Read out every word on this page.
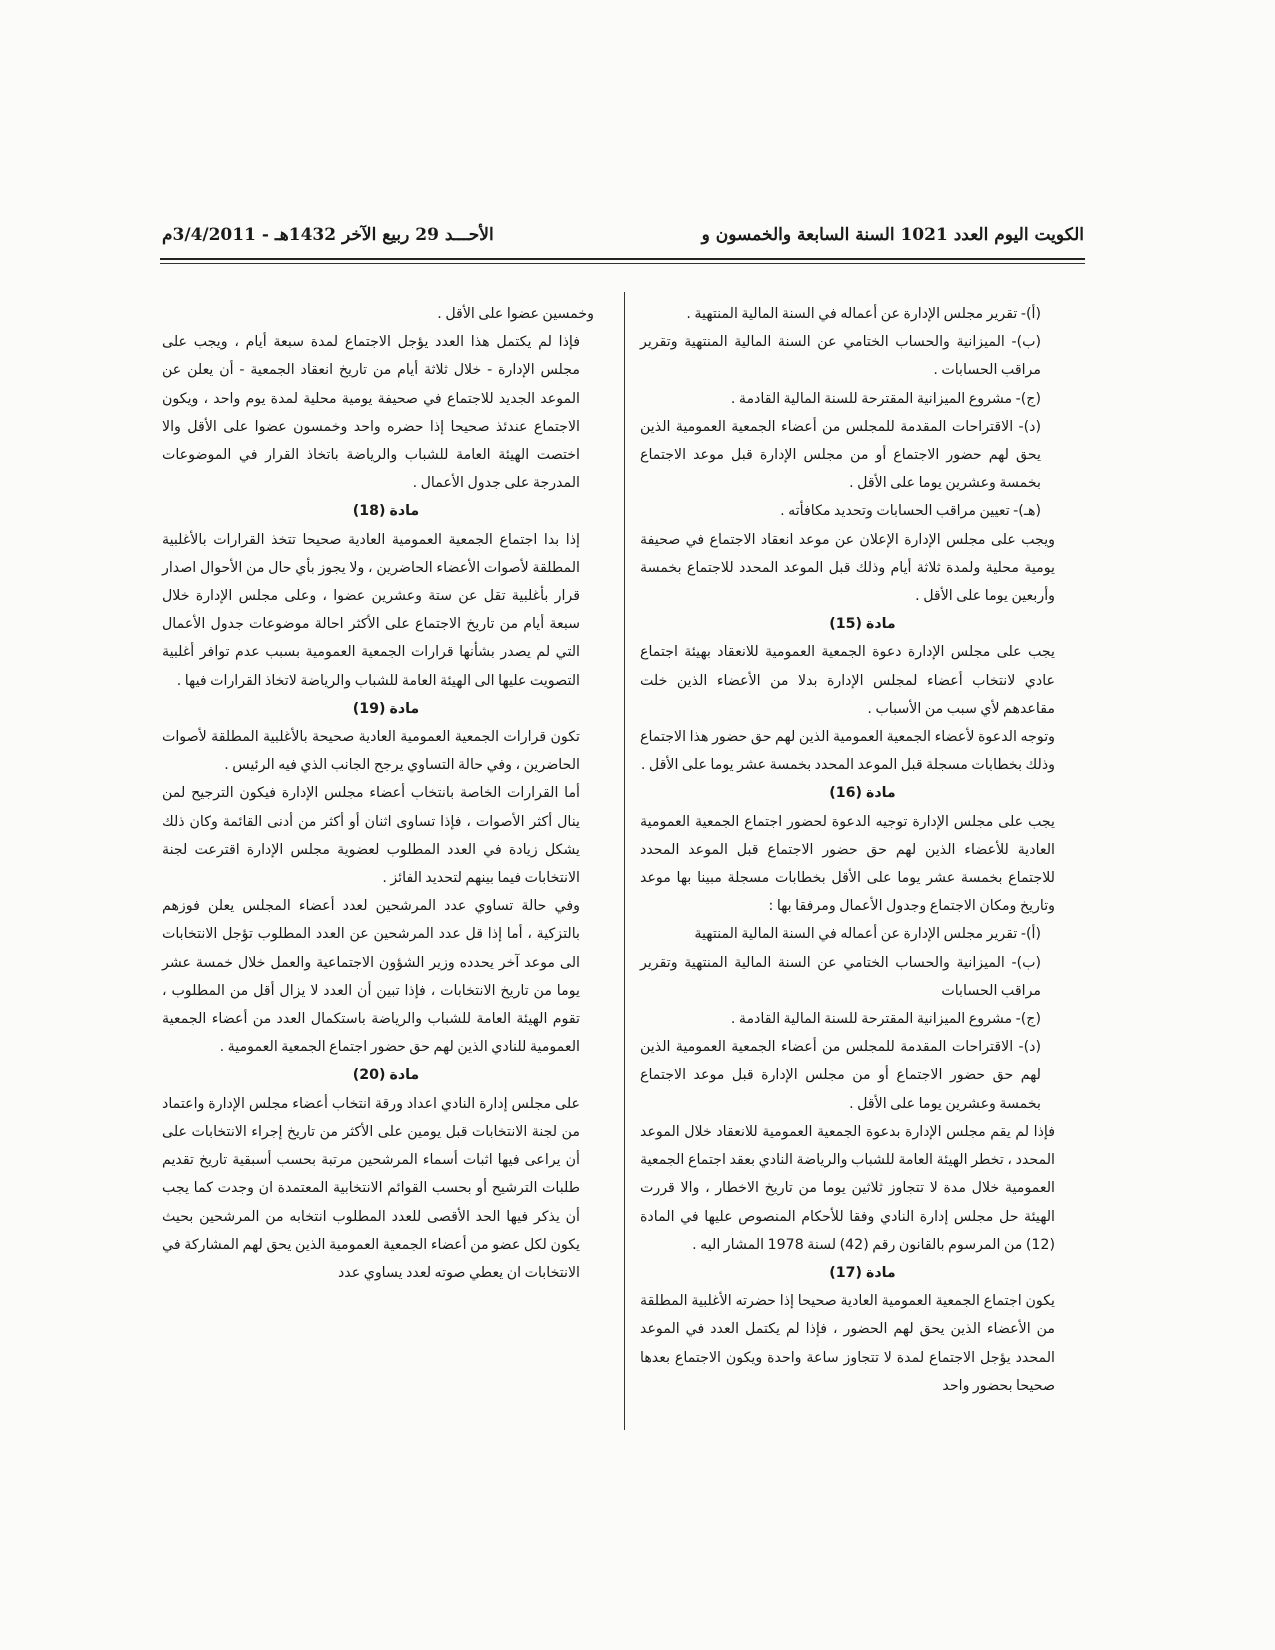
الكويت اليوم العدد 1021 السنة السابعة والخمسون و
الأحـــد 29 ربيع الآخر 1432هـ - 3/4/2011م

(أ)- تقرير مجلس الإدارة عن أعماله في السنة المالية المنتهية .

(ب)- الميزانية والحساب الختامي عن السنة المالية المنتهية وتقرير مراقب الحسابات .

(ج)- مشروع الميزانية المقترحة للسنة المالية القادمة .

(د)- الاقتراحات المقدمة للمجلس من أعضاء الجمعية العمومية الذين يحق لهم حضور الاجتماع أو من مجلس الإدارة قبل موعد الاجتماع بخمسة وعشرين يوما على الأقل .

(هـ)- تعيين مراقب الحسابات وتحديد مكافأته .

ويجب على مجلس الإدارة الإعلان عن موعد انعقاد الاجتماع في صحيفة يومية محلية ولمدة ثلاثة أيام وذلك قبل الموعد المحدد للاجتماع بخمسة وأربعين يوما على الأقل .

مادة (15)

يجب على مجلس الإدارة دعوة الجمعية العمومية للانعقاد بهيئة اجتماع عادي لانتخاب أعضاء لمجلس الإدارة بدلا من الأعضاء الذين خلت مقاعدهم لأي سبب من الأسباب .

وتوجه الدعوة لأعضاء الجمعية العمومية الذين لهم حق حضور هذا الاجتماع وذلك بخطابات مسجلة قبل الموعد المحدد بخمسة عشر يوما على الأقل .

مادة (16)

يجب على مجلس الإدارة توجيه الدعوة لحضور اجتماع الجمعية العمومية العادية للأعضاء الذين لهم حق حضور الاجتماع قبل الموعد المحدد للاجتماع بخمسة عشر يوما على الأقل بخطابات مسجلة مبينا بها موعد وتاريخ ومكان الاجتماع وجدول الأعمال ومرفقا بها :

(أ)- تقرير مجلس الإدارة عن أعماله في السنة المالية المنتهية

(ب)- الميزانية والحساب الختامي عن السنة المالية المنتهية وتقرير مراقب الحسابات

(ج)- مشروع الميزانية المقترحة للسنة المالية القادمة .

(د)- الاقتراحات المقدمة للمجلس من أعضاء الجمعية العمومية الذين لهم حق حضور الاجتماع أو من مجلس الإدارة قبل موعد الاجتماع بخمسة وعشرين يوما على الأقل .

فإذا لم يقم مجلس الإدارة بدعوة الجمعية العمومية للانعقاد خلال الموعد المحدد ، تخطر الهيئة العامة للشباب والرياضة النادي بعقد اجتماع الجمعية العمومية خلال مدة لا تتجاوز ثلاثين يوما من تاريخ الاخطار ، والا قررت الهيئة حل مجلس إدارة النادي وفقا للأحكام المنصوص عليها في المادة (12) من المرسوم بالقانون رقم (42) لسنة 1978 المشار اليه .

مادة (17)

يكون اجتماع الجمعية العمومية العادية صحيحا إذا حضرته الأغلبية المطلقة من الأعضاء الذين يحق لهم الحضور ، فإذا لم يكتمل العدد في الموعد المحدد يؤجل الاجتماع لمدة لا تتجاوز ساعة واحدة ويكون الاجتماع بعدها صحيحا بحضور واحد

وخمسين عضوا على الأقل .

فإذا لم يكتمل هذا العدد يؤجل الاجتماع لمدة سبعة أيام ، ويجب على مجلس الإدارة - خلال ثلاثة أيام من تاريخ انعقاد الجمعية - أن يعلن عن الموعد الجديد للاجتماع في صحيفة يومية محلية لمدة يوم واحد ، ويكون الاجتماع عندئذ صحيحا إذا حضره واحد وخمسون عضوا على الأقل والا اختصت الهيئة العامة للشباب والرياضة باتخاذ القرار في الموضوعات المدرجة على جدول الأعمال .

مادة (18)

إذا بدا اجتماع الجمعية العمومية العادية صحيحا تتخذ القرارات بالأغلبية المطلقة لأصوات الأعضاء الحاضرين ، ولا يجوز بأي حال من الأحوال اصدار قرار بأغلبية تقل عن ستة وعشرين عضوا ، وعلى مجلس الإدارة خلال سبعة أيام من تاريخ الاجتماع على الأكثر احالة موضوعات جدول الأعمال التي لم يصدر بشأنها قرارات الجمعية العمومية بسبب عدم توافر أغلبية التصويت عليها الى الهيئة العامة للشباب والرياضة لاتخاذ القرارات فيها .

مادة (19)

تكون قرارات الجمعية العمومية العادية صحيحة بالأغلبية المطلقة لأصوات الحاضرين ، وفي حالة التساوي يرجح الجانب الذي فيه الرئيس .

أما القرارات الخاصة بانتخاب أعضاء مجلس الإدارة فيكون الترجيح لمن ينال أكثر الأصوات ، فإذا تساوى اثنان أو أكثر من أدنى القائمة وكان ذلك يشكل زيادة في العدد المطلوب لعضوية مجلس الإدارة اقترعت لجنة الانتخابات فيما بينهم لتحديد الفائز .

وفي حالة تساوي عدد المرشحين لعدد أعضاء المجلس يعلن فوزهم بالتزكية ، أما إذا قل عدد المرشحين عن العدد المطلوب تؤجل الانتخابات الى موعد آخر يحدده وزير الشؤون الاجتماعية والعمل خلال خمسة عشر يوما من تاريخ الانتخابات ، فإذا تبين أن العدد لا يزال أقل من المطلوب ، تقوم الهيئة العامة للشباب والرياضة باستكمال العدد من أعضاء الجمعية العمومية للنادي الذين لهم حق حضور اجتماع الجمعية العمومية .

مادة (20)

على مجلس إدارة النادي اعداد ورقة انتخاب أعضاء مجلس الإدارة واعتماد من لجنة الانتخابات قبل يومين على الأكثر من تاريخ إجراء الانتخابات على أن يراعى فيها اثبات أسماء المرشحين مرتبة بحسب أسبقية تاريخ تقديم طلبات الترشيح أو بحسب القوائم الانتخابية المعتمدة ان وجدت كما يجب أن يذكر فيها الحد الأقصى للعدد المطلوب انتخابه من المرشحين بحيث يكون لكل عضو من أعضاء الجمعية العمومية الذين يحق لهم المشاركة في الانتخابات ان يعطي صوته لعدد يساوي عدد
